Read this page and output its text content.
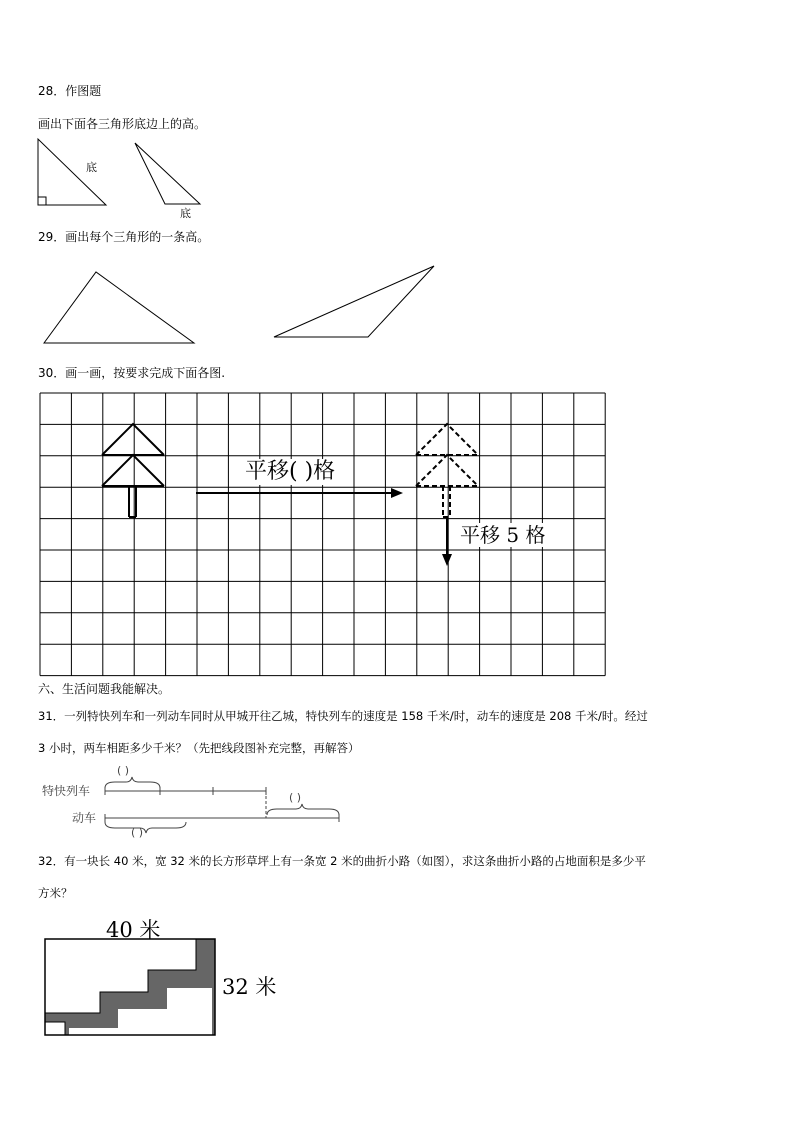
28．作图题
画出下面各三角形底边上的高。
底
底
29．画出每个三角形的一条高。
30．画一画，按要求完成下面各图.
平移( )格
平移 5 格
六、生活问题我能解决。
31．一列特快列车和一列动车同时从甲城开往乙城，特快列车的速度是 158 千米/时，动车的速度是 208 千米/时。经过
3 小时，两车相距多少千米？（先把线段图补充完整，再解答）
特快列车
动车
( )
( )
( )
32．有一块长 40 米，宽 32 米的长方形草坪上有一条宽 2 米的曲折小路（如图），求这条曲折小路的占地面积是多少平
方米？
40 米
32 米
